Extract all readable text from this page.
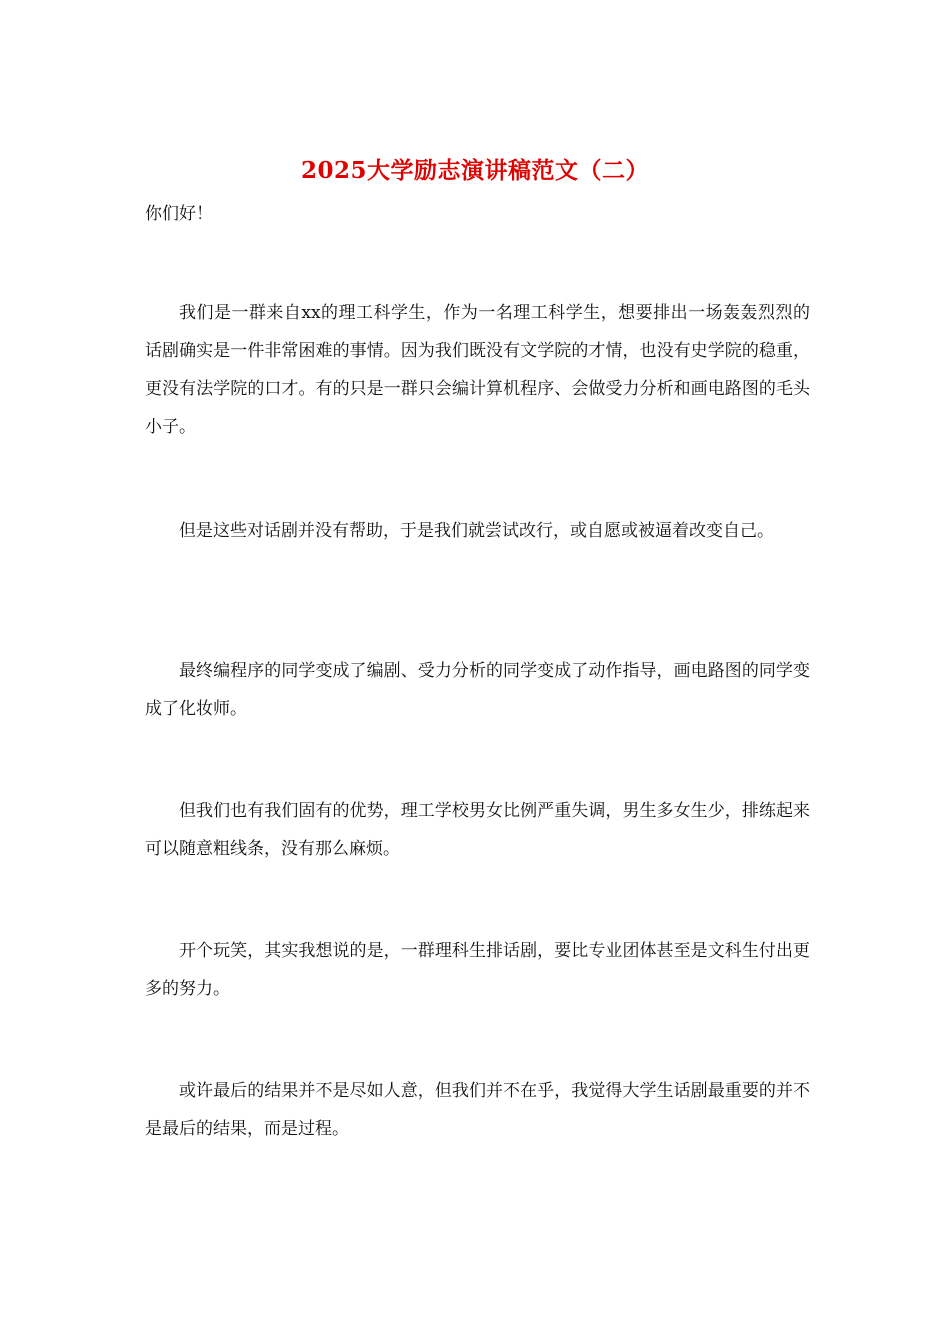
2025大学励志演讲稿范文（二）
你们好！

我们是一群来自xx的理工科学生，作为一名理工科学生，想要排出一场轰轰烈烈的话剧确实是一件非常困难的事情。因为我们既没有文学院的才情，也没有史学院的稳重，更没有法学院的口才。有的只是一群只会编计算机程序、会做受力分析和画电路图的毛头小子。

但是这些对话剧并没有帮助，于是我们就尝试改行，或自愿或被逼着改变自己。

最终编程序的同学变成了编剧、受力分析的同学变成了动作指导，画电路图的同学变成了化妆师。

但我们也有我们固有的优势，理工学校男女比例严重失调，男生多女生少，排练起来可以随意粗线条，没有那么麻烦。

开个玩笑，其实我想说的是，一群理科生排话剧，要比专业团体甚至是文科生付出更多的努力。

或许最后的结果并不是尽如人意，但我们并不在乎，我觉得大学生话剧最重要的并不是最后的结果，而是过程。
